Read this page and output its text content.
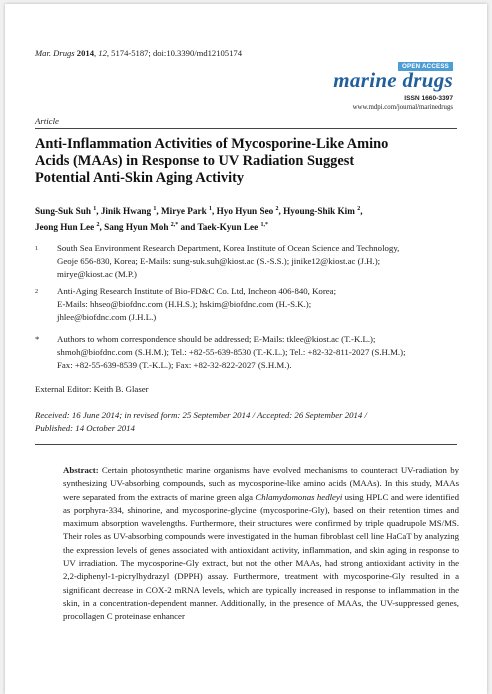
Mar. Drugs 2014, 12, 5174-5187; doi:10.3390/md12105174
OPEN ACCESS
marine drugs
ISSN 1660-3397
www.mdpi.com/journal/marinedrugs
Article
Anti-Inflammation Activities of Mycosporine-Like Amino
Acids (MAAs) in Response to UV Radiation Suggest
Potential Anti-Skin Aging Activity
Sung-Suk Suh $^1$, Jinik Hwang $^1$, Mirye Park $^1$, Hyo Hyun Seo $^2$, Hyoung-Shik Kim $^2$,
Jeong Hun Lee $^2$, Sang Hyun Moh $^{2,*}$ and Taek-Kyun Lee $^{1,*}$
1 South Sea Environment Research Department, Korea Institute of Ocean Science and Technology,
Geoje 656-830, Korea; E-Mails: sung-suk.suh@kiost.ac (S.-S.S.); jinike12@kiost.ac (J.H.);
mirye@kiost.ac (M.P.)
2 Anti-Aging Research Institute of Bio-FD&C Co. Ltd, Incheon 406-840, Korea;
E-Mails: hhseo@biofdnc.com (H.H.S.); hskim@biofdnc.com (H.-S.K.);
jhlee@biofdnc.com (J.H.L.)
* Authors to whom correspondence should be addressed; E-Mails: tklee@kiost.ac (T.-K.L.);
shmoh@biofdnc.com (S.H.M.); Tel.: +82-55-639-8530 (T.-K.L.); Tel.: +82-32-811-2027 (S.H.M.);
Fax: +82-55-639-8539 (T.-K.L.); Fax: +82-32-822-2027 (S.H.M.).
External Editor: Keith B. Glaser
Received: 16 June 2014; in revised form: 25 September 2014 / Accepted: 26 September 2014 /
Published: 14 October 2014
Abstract: Certain photosynthetic marine organisms have evolved mechanisms to counteract UV-radiation by synthesizing UV-absorbing compounds, such as mycosporine-like amino acids (MAAs). In this study, MAAs were separated from the extracts of marine green alga Chlamydomonas hedleyi using HPLC and were identified as porphyra-334, shinorine, and mycosporine-glycine (mycosporine-Gly), based on their retention times and maximum absorption wavelengths. Furthermore, their structures were confirmed by triple quadrupole MS/MS. Their roles as UV-absorbing compounds were investigated in the human fibroblast cell line HaCaT by analyzing the expression levels of genes associated with antioxidant activity, inflammation, and skin aging in response to UV irradiation. The mycosporine-Gly extract, but not the other MAAs, had strong antioxidant activity in the 2,2-diphenyl-1-picrylhydrazyl (DPPH) assay. Furthermore, treatment with mycosporine-Gly resulted in a significant decrease in COX-2 mRNA levels, which are typically increased in response to inflammation in the skin, in a concentration-dependent manner. Additionally, in the presence of MAAs, the UV-suppressed genes, procollagen C proteinase enhancer
